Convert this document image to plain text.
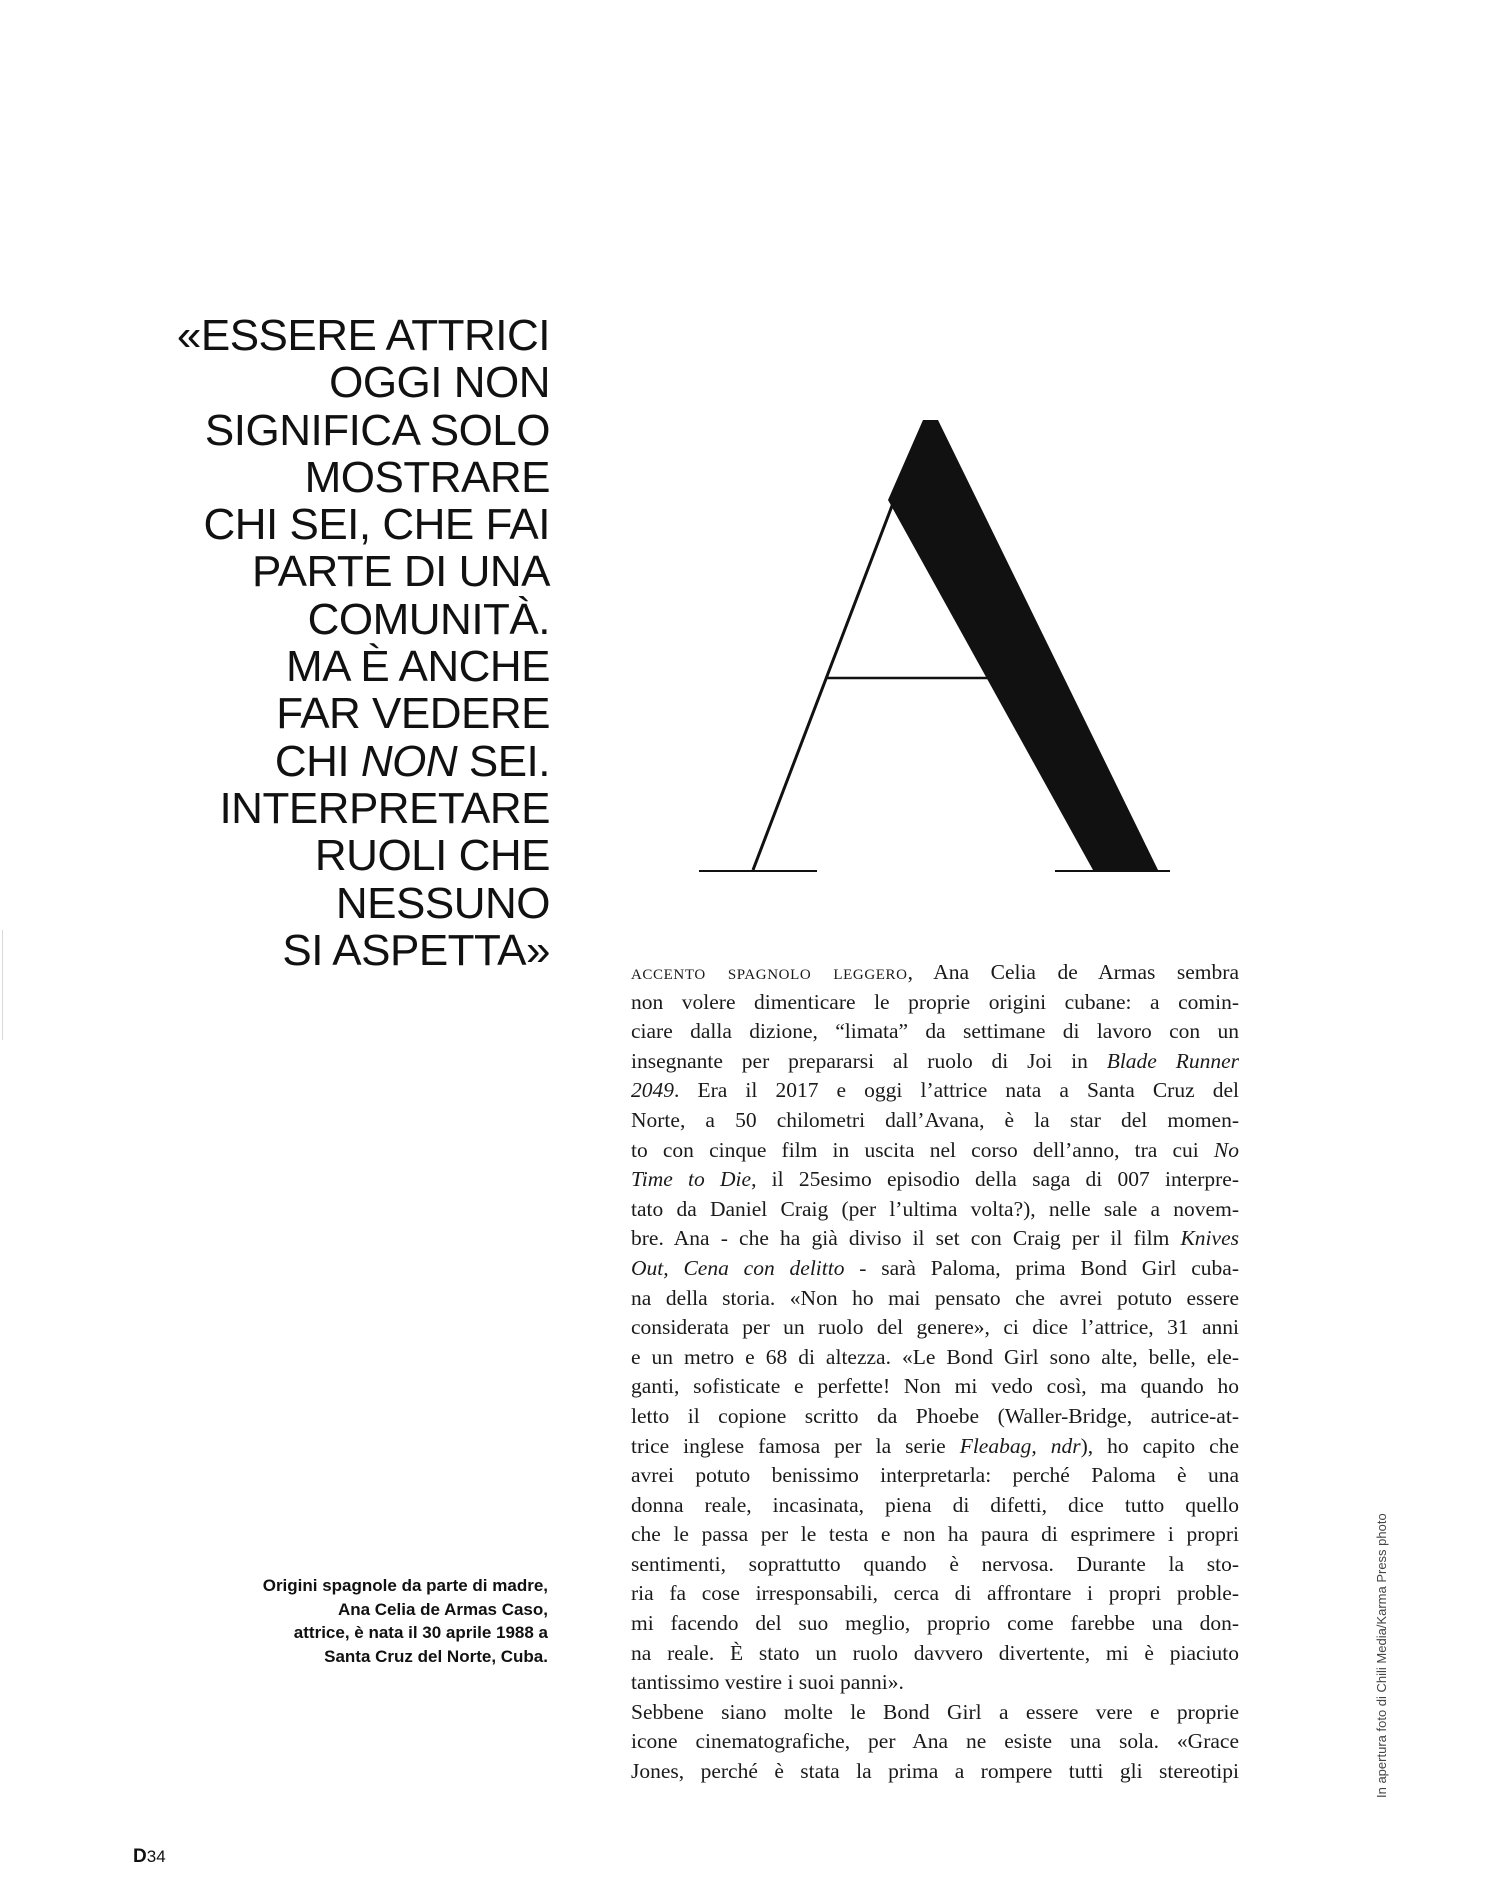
«ESSERE ATTRICI
OGGI NON
SIGNIFICA SOLO
MOSTRARE
CHI SEI, CHE FAI
PARTE DI UNA
COMUNITÀ.
MA È ANCHE
FAR VEDERE
CHI NON SEI.
INTERPRETARE
RUOLI CHE
NESSUNO
SI ASPETTA»
Origini spagnole da parte di madre,
Ana Celia de Armas Caso,
attrice, è nata il 30 aprile 1988 a
Santa Cruz del Norte, Cuba.
accento spagnolo leggero, Ana Celia de Armas sembra
non volere dimenticare le proprie origini cubane: a comin-
ciare dalla dizione, “limata” da settimane di lavoro con un
insegnante per prepararsi al ruolo di Joi in Blade Runner
2049. Era il 2017 e oggi l’attrice nata a Santa Cruz del
Norte, a 50 chilometri dall’Avana, è la star del momen-
to con cinque film in uscita nel corso dell’anno, tra cui No
Time to Die, il 25esimo episodio della saga di 007 interpre-
tato da Daniel Craig (per l’ultima volta?), nelle sale a novem-
bre. Ana - che ha già diviso il set con Craig per il film Knives
Out, Cena con delitto - sarà Paloma, prima Bond Girl cuba-
na della storia. «Non ho mai pensato che avrei potuto essere
considerata per un ruolo del genere», ci dice l’attrice, 31 anni
e un metro e 68 di altezza. «Le Bond Girl sono alte, belle, ele-
ganti, sofisticate e perfette! Non mi vedo così, ma quando ho
letto il copione scritto da Phoebe (Waller-Bridge, autrice-at-
trice inglese famosa per la serie Fleabag, ndr), ho capito che
avrei potuto benissimo interpretarla: perché Paloma è una
donna reale, incasinata, piena di difetti, dice tutto quello
che le passa per le testa e non ha paura di esprimere i propri
sentimenti, soprattutto quando è nervosa. Durante la sto-
ria fa cose irresponsabili, cerca di affrontare i propri proble-
mi facendo del suo meglio, proprio come farebbe una don-
na reale. È stato un ruolo davvero divertente, mi è piaciuto
tantissimo vestire i suoi panni».
Sebbene siano molte le Bond Girl a essere vere e proprie
icone cinematografiche, per Ana ne esiste una sola. «Grace
Jones, perché è stata la prima a rompere tutti gli stereotipi	In apertura foto di Chili Media/Karma Press photo
D34
